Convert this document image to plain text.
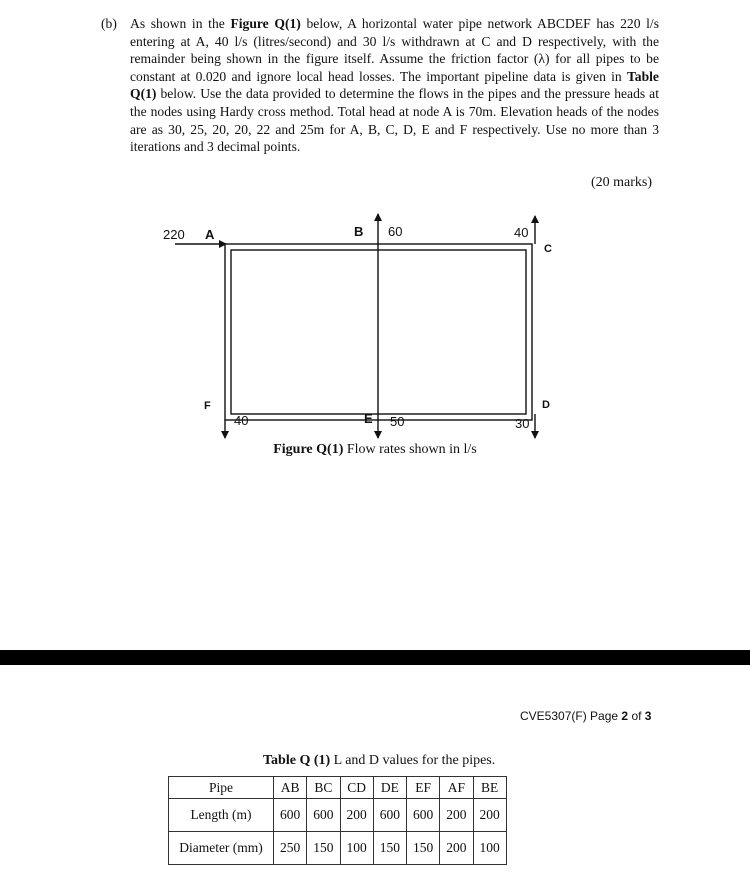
(b) As shown in the Figure Q(1) below, A horizontal water pipe network ABCDEF has 220 l/s entering at A, 40 l/s (litres/second) and 30 l/s withdrawn at C and D respectively, with the remainder being shown in the figure itself. Assume the friction factor (λ) for all pipes to be constant at 0.020 and ignore local head losses. The important pipeline data is given in Table Q(1) below. Use the data provided to determine the flows in the pipes and the pressure heads at the nodes using Hardy cross method. Total head at node A is 70m. Elevation heads of the nodes are as 30, 25, 20, 20, 22 and 25m for A, B, C, D, E and F respectively. Use no more than 3 iterations and 3 decimal points.
(20 marks)
220 A	B 60	40
C
F
40	E 50
D
30
Figure Q(1) Flow rates shown in l/s
CVE5307(F) Page 2 of 3
Table Q (1) L and D values for the pipes.
Pipe	AB	BC	CD	DE	EF	AF	BE
Length (m)	600	600	200	600	600	200	200
Diameter (mm)	250	150	100	150	150	200	100
